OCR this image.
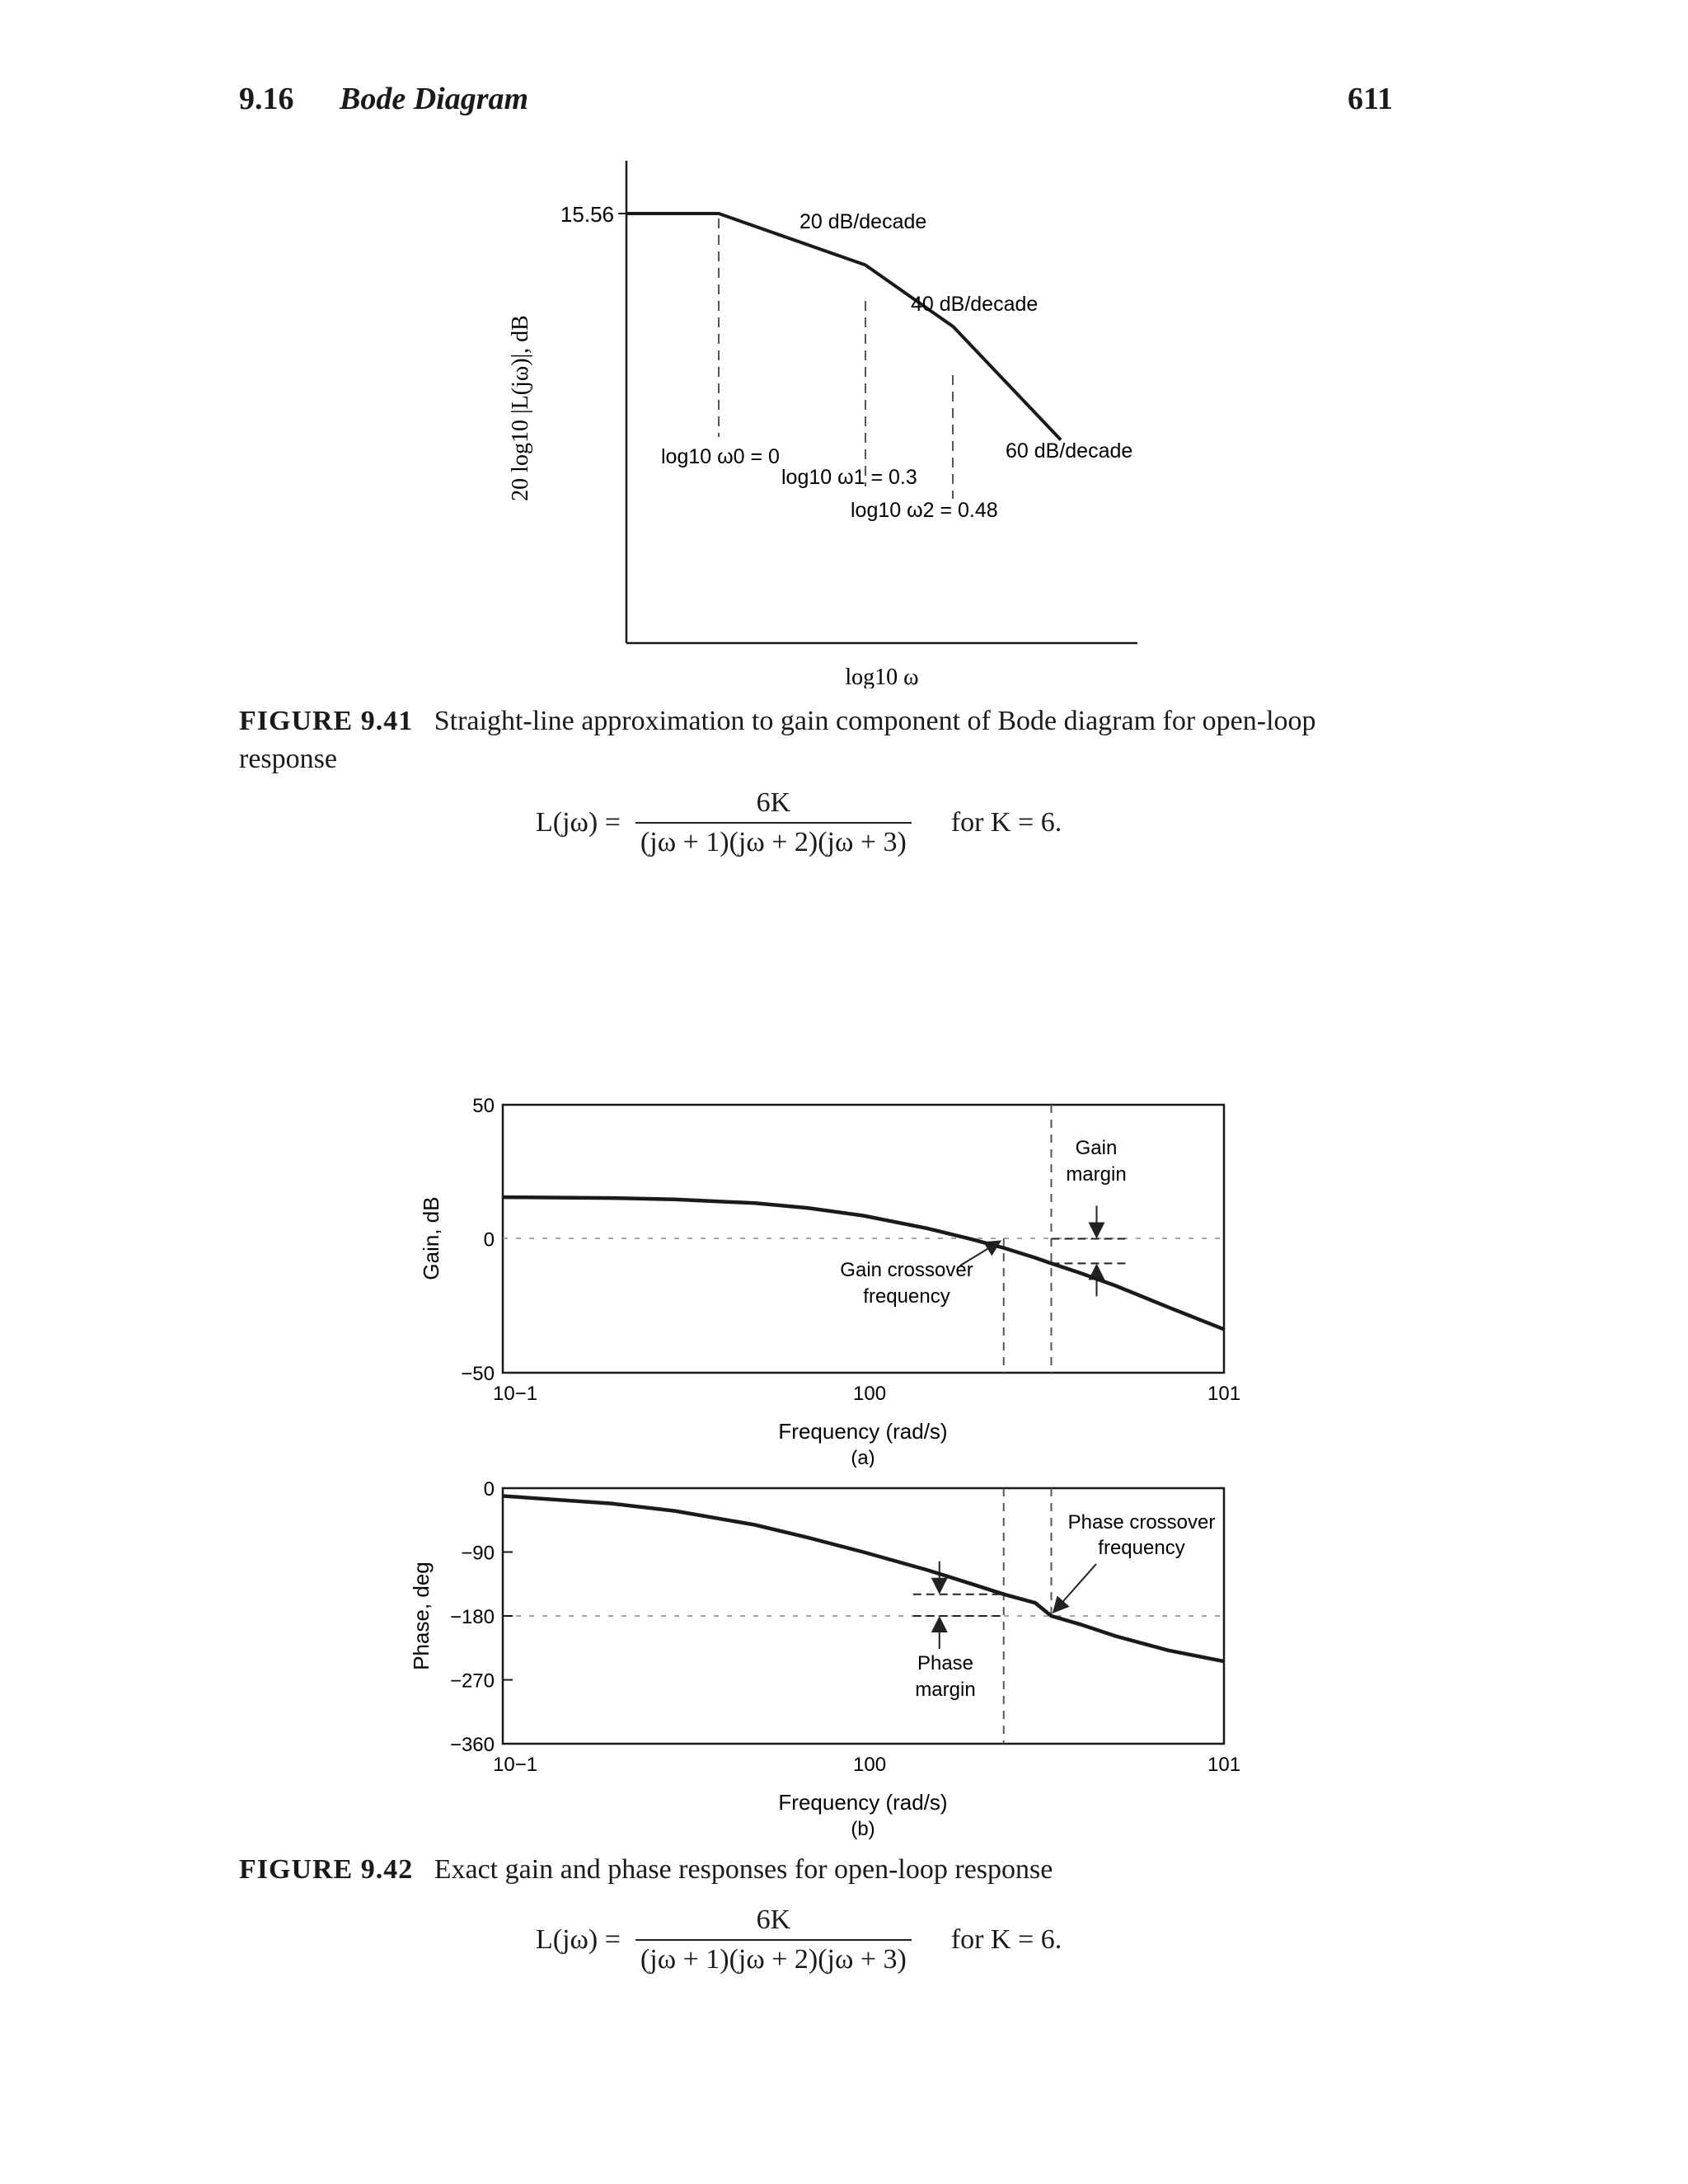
9.16 Bode Diagram	611
15.56
20 log10 |L(jω)|, dB
log10 ω
20 dB/decade
40 dB/decade
60 dB/decade
log10 ω0 = 0
log10 ω1 = 0.3
log10 ω2 = 0.48
FIGURE 9.41 Straight-line approximation to gain component of Bode diagram for open-loop response
$L(j\omega) = \frac{6K}{(j\omega + 1)(j\omega + 2)(j\omega + 3)}$ for K = 6.
50
0
−50
10−1	100	101
Gain, dB
Frequency (rad/s)
(a)
Gain crossover
frequency
Gain
margin
0
−90
−180
−270
−360
10−1	100	101
Phase, deg
Frequency (rad/s)
(b)
Phase crossover
frequency
Phase
margin
FIGURE 9.42 Exact gain and phase responses for open-loop response
$L(j\omega) = \frac{6K}{(j\omega + 1)(j\omega + 2)(j\omega + 3)}$ for K = 6.
